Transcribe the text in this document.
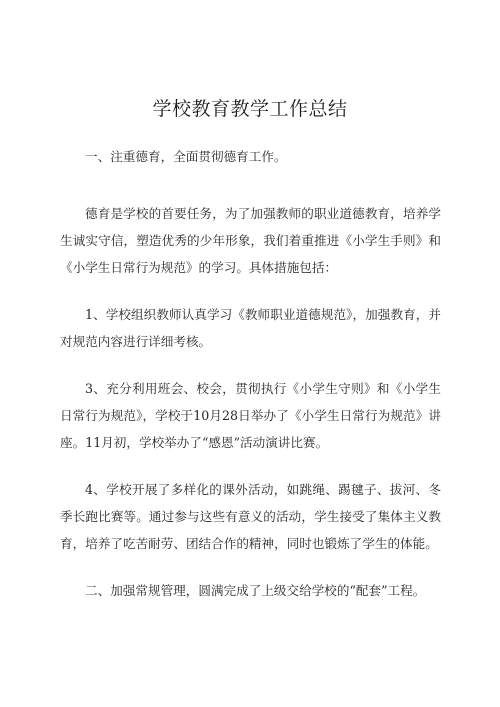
学校教育教学工作总结

一、注重德育，全面贯彻德育工作。

德育是学校的首要任务，为了加强教师的职业道德教育，培养学生诚实守信，塑造优秀的少年形象，我们着重推进《小学生手则》和《小学生日常行为规范》的学习。具体措施包括：

1、学校组织教师认真学习《教师职业道德规范》，加强教育，并对规范内容进行详细考核。

3、充分利用班会、校会，贯彻执行《小学生守则》和《小学生日常行为规范》，学校于10月28日举办了《小学生日常行为规范》讲座。11月初，学校举办了“感恩”活动演讲比赛。

4、学校开展了多样化的课外活动，如跳绳、踢毽子、拔河、冬季长跑比赛等。通过参与这些有意义的活动，学生接受了集体主义教育，培养了吃苦耐劳、团结合作的精神，同时也锻炼了学生的体能。

二、加强常规管理，圆满完成了上级交给学校的“配套”工程。
